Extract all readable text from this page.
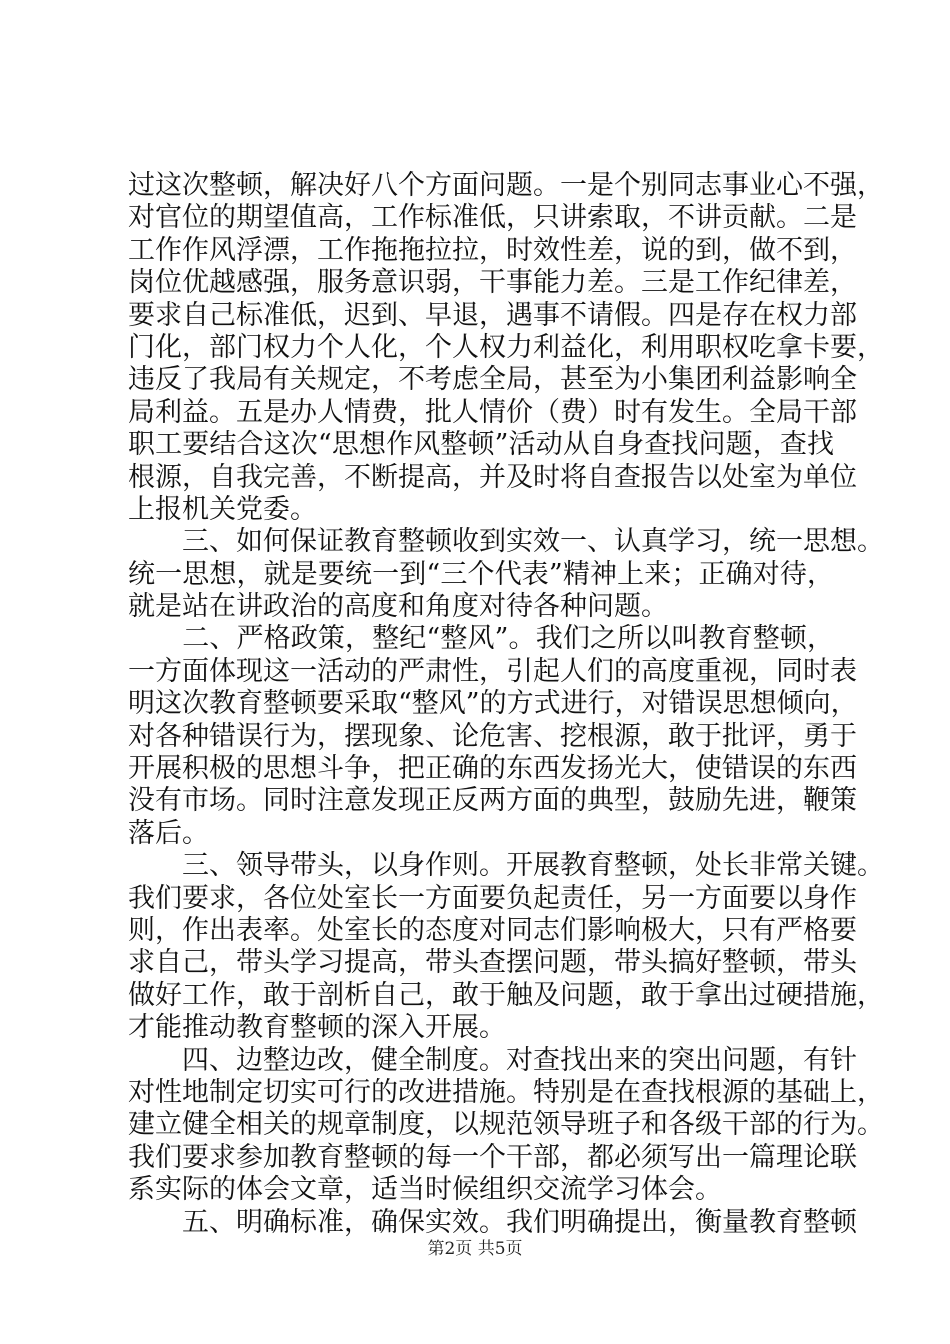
过这次整顿，解决好八个方面问题。一是个别同志事业心不强，
对官位的期望值高，工作标准低，只讲索取，不讲贡献。二是
工作作风浮漂，工作拖拖拉拉，时效性差，说的到，做不到，
岗位优越感强，服务意识弱，干事能力差。三是工作纪律差，
要求自己标准低，迟到、早退，遇事不请假。四是存在权力部
门化，部门权力个人化，个人权力利益化，利用职权吃拿卡要，
违反了我局有关规定，不考虑全局，甚至为小集团利益影响全
局利益。五是办人情费，批人情价（费）时有发生。全局干部
职工要结合这次“思想作风整顿”活动从自身查找问题，查找
根源，自我完善，不断提高，并及时将自查报告以处室为单位
上报机关党委。
　　三、如何保证教育整顿收到实效一、认真学习，统一思想。
统一思想，就是要统一到“三个代表”精神上来；正确对待，
就是站在讲政治的高度和角度对待各种问题。
　　二、严格政策，整纪“整风”。我们之所以叫教育整顿，
一方面体现这一活动的严肃性，引起人们的高度重视，同时表
明这次教育整顿要采取“整风”的方式进行，对错误思想倾向，
对各种错误行为，摆现象、论危害、挖根源，敢于批评，勇于
开展积极的思想斗争，把正确的东西发扬光大，使错误的东西
没有市场。同时注意发现正反两方面的典型，鼓励先进，鞭策
落后。
　　三、领导带头，以身作则。开展教育整顿，处长非常关键。
我们要求，各位处室长一方面要负起责任，另一方面要以身作
则，作出表率。处室长的态度对同志们影响极大，只有严格要
求自己，带头学习提高，带头查摆问题，带头搞好整顿，带头
做好工作，敢于剖析自己，敢于触及问题，敢于拿出过硬措施，
才能推动教育整顿的深入开展。
　　四、边整边改，健全制度。对查找出来的突出问题，有针
对性地制定切实可行的改进措施。特别是在查找根源的基础上，
建立健全相关的规章制度，以规范领导班子和各级干部的行为。
我们要求参加教育整顿的每一个干部，都必须写出一篇理论联
系实际的体会文章，适当时候组织交流学习体会。
　　五、明确标准，确保实效。我们明确提出，衡量教育整顿
第2页 共5页
